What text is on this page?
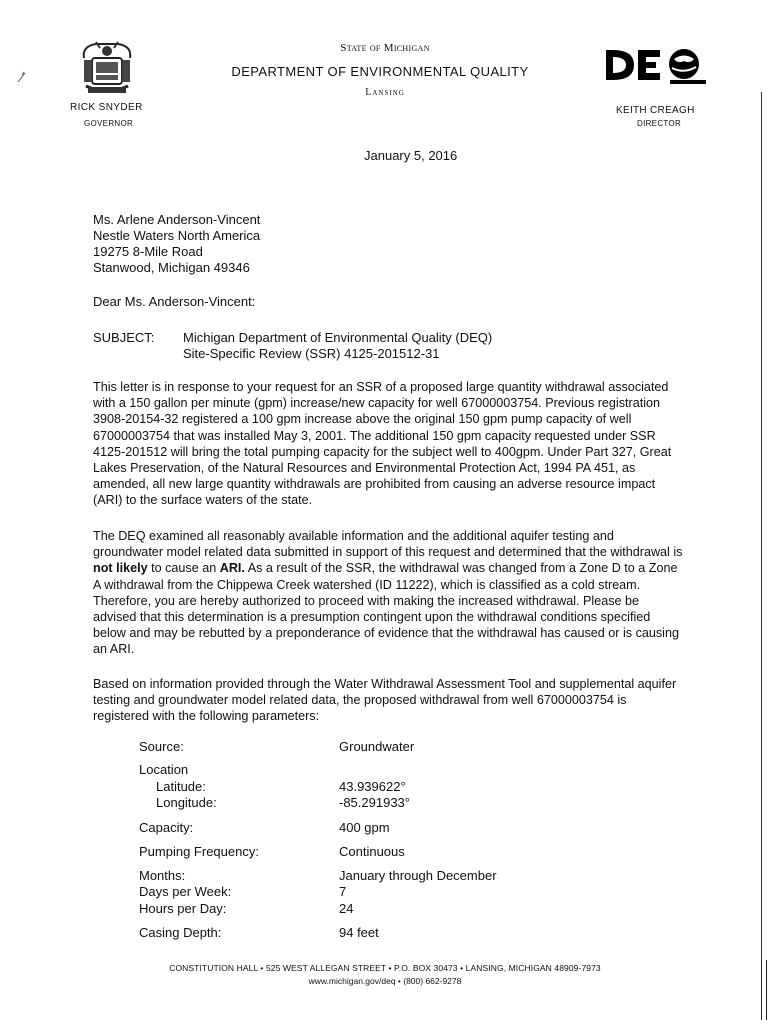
State of Michigan
DEPARTMENT OF ENVIRONMENTAL QUALITY
Lansing
RICK SNYDER
GOVERNOR
KEITH CREAGH
DIRECTOR
January 5, 2016
Ms. Arlene Anderson-Vincent
Nestle Waters North America
19275 8-Mile Road
Stanwood, Michigan 49346
Dear Ms. Anderson-Vincent:
SUBJECT: Michigan Department of Environmental Quality (DEQ)
Site-Specific Review (SSR) 4125-201512-31
This letter is in response to your request for an SSR of a proposed large quantity withdrawal associated with a 150 gallon per minute (gpm) increase/new capacity for well 67000003754. Previous registration 3908-20154-32 registered a 100 gpm increase above the original 150 gpm pump capacity of well 67000003754 that was installed May 3, 2001. The additional 150 gpm capacity requested under SSR 4125-201512 will bring the total pumping capacity for the subject well to 400gpm. Under Part 327, Great Lakes Preservation, of the Natural Resources and Environmental Protection Act, 1994 PA 451, as amended, all new large quantity withdrawals are prohibited from causing an adverse resource impact (ARI) to the surface waters of the state.
The DEQ examined all reasonably available information and the additional aquifer testing and groundwater model related data submitted in support of this request and determined that the withdrawal is not likely to cause an ARI. As a result of the SSR, the withdrawal was changed from a Zone D to a Zone A withdrawal from the Chippewa Creek watershed (ID 11222), which is classified as a cold stream. Therefore, you are hereby authorized to proceed with making the increased withdrawal. Please be advised that this determination is a presumption contingent upon the withdrawal conditions specified below and may be rebutted by a preponderance of evidence that the withdrawal has caused or is causing an ARI.
Based on information provided through the Water Withdrawal Assessment Tool and supplemental aquifer testing and groundwater model related data, the proposed withdrawal from well 67000003754 is registered with the following parameters:
Source:	Groundwater
Location
Latitude:	43.939622°
Longitude:	-85.291933°
Capacity:	400 gpm
Pumping Frequency:	Continuous
Months:	January through December
Days per Week:	7
Hours per Day:	24
Casing Depth:	94 feet
CONSTITUTION HALL • 525 WEST ALLEGAN STREET • P.O. BOX 30473 • LANSING, MICHIGAN 48909-7973
www.michigan.gov/deq • (800) 662-9278
